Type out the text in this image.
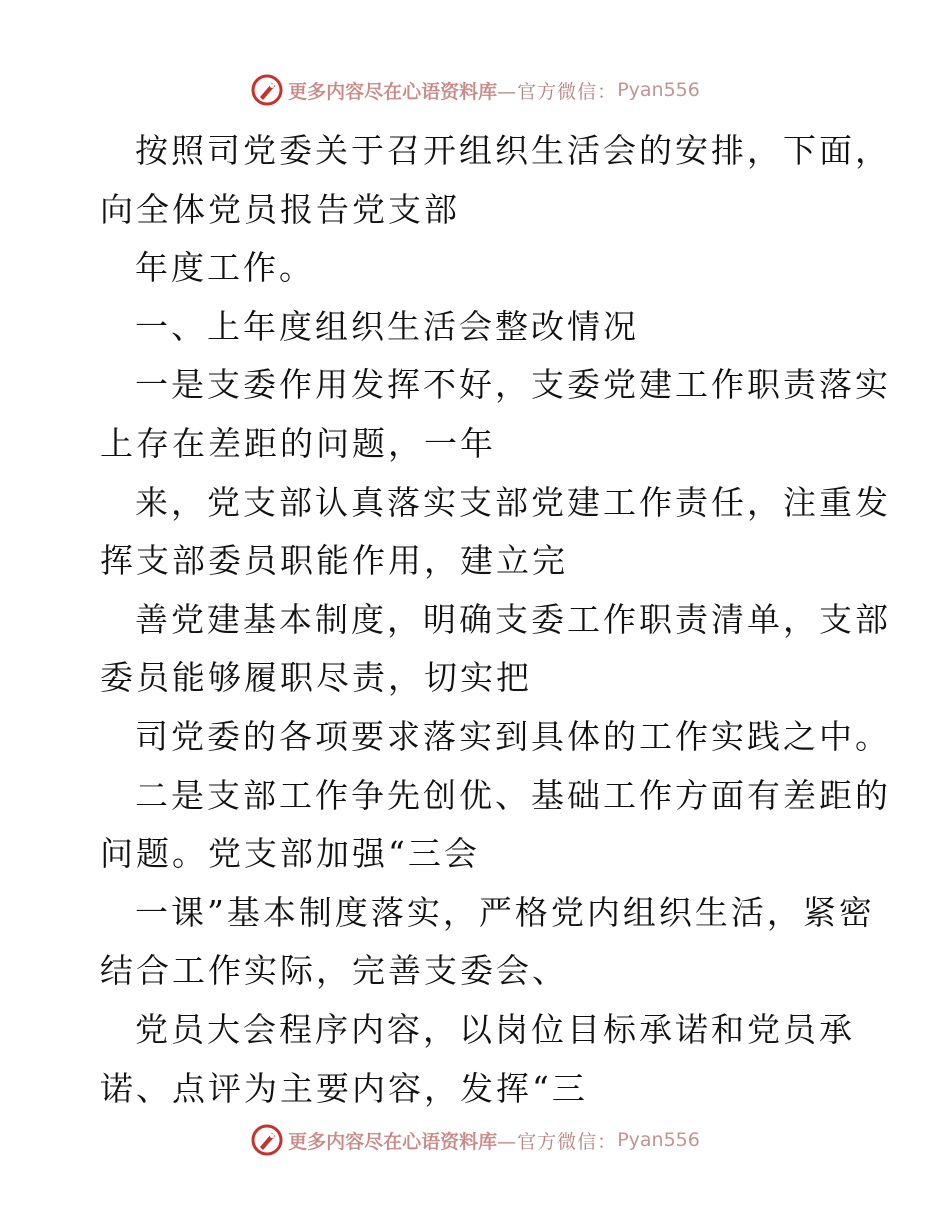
更多内容尽在心语资料库 —官方微信： Pyan556
按照司党委关于召开组织生活会的安排，下面，
向全体党员报告党支部
年度工作。
一、上年度组织生活会整改情况
一是支委作用发挥不好，支委党建工作职责落实
上存在差距的问题，一年
来，党支部认真落实支部党建工作责任，注重发
挥支部委员职能作用，建立完
善党建基本制度，明确支委工作职责清单，支部
委员能够履职尽责，切实把
司党委的各项要求落实到具体的工作实践之中。
二是支部工作争先创优、基础工作方面有差距的
问题。党支部加强“三会
一课”基本制度落实，严格党内组织生活，紧密
结合工作实际，完善支委会、
党员大会程序内容，以岗位目标承诺和党员承
诺、点评为主要内容，发挥“三
更多内容尽在心语资料库 —官方微信： Pyan556
